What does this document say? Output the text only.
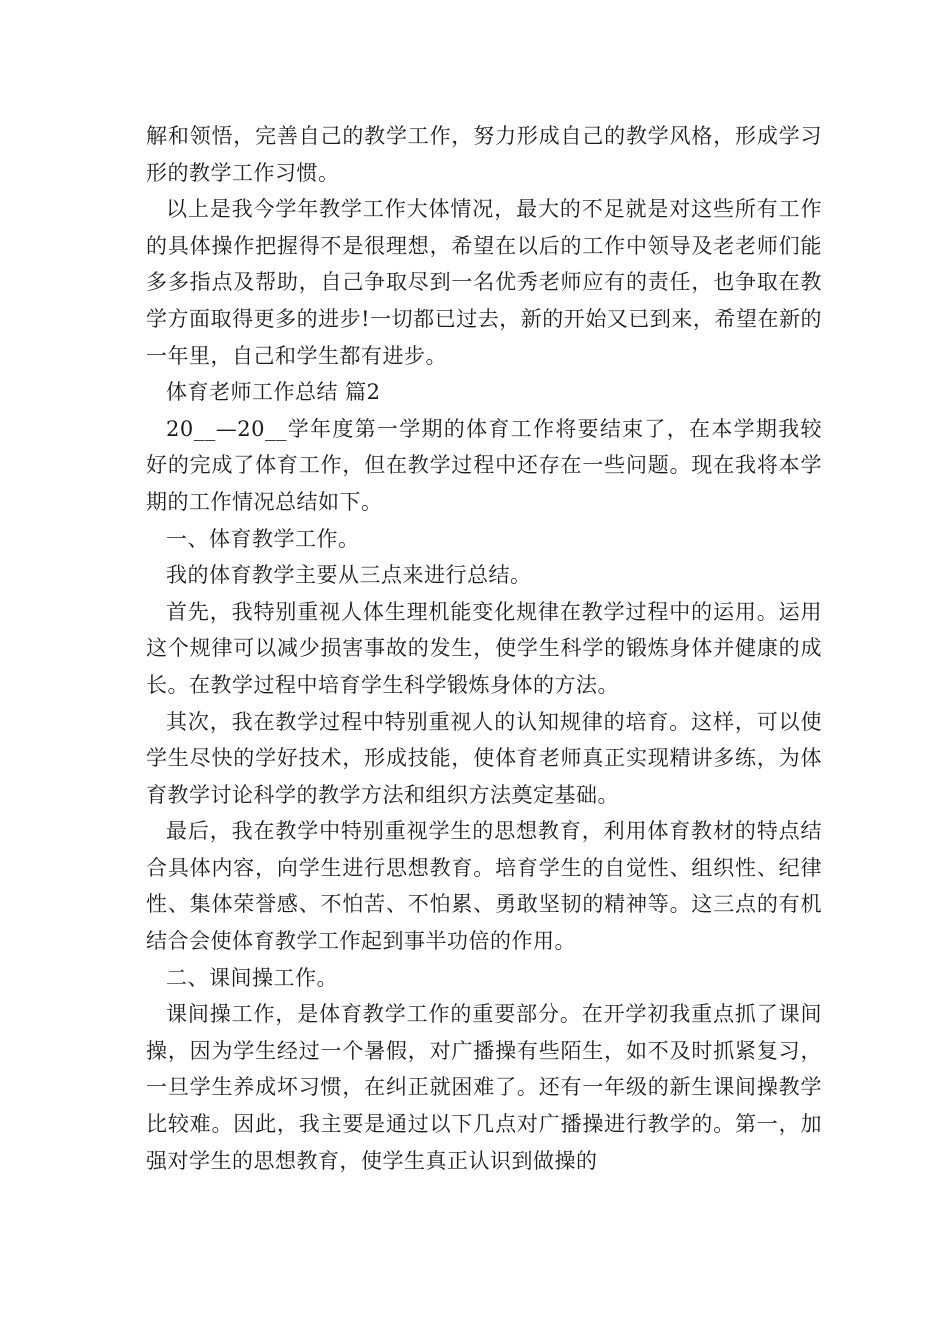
解和领悟，完善自己的教学工作，努力形成自己的教学风格，形成学习形的教学工作习惯。

以上是我今学年教学工作大体情况，最大的不足就是对这些所有工作的具体操作把握得不是很理想，希望在以后的工作中领导及老老师们能多多指点及帮助，自己争取尽到一名优秀老师应有的责任，也争取在教学方面取得更多的进步!一切都已过去，新的开始又已到来，希望在新的一年里，自己和学生都有进步。

体育老师工作总结 篇2

20__—20__学年度第一学期的体育工作将要结束了，在本学期我较好的完成了体育工作，但在教学过程中还存在一些问题。现在我将本学期的工作情况总结如下。

一、体育教学工作。

我的体育教学主要从三点来进行总结。

首先，我特别重视人体生理机能变化规律在教学过程中的运用。运用这个规律可以减少损害事故的发生，使学生科学的锻炼身体并健康的成长。在教学过程中培育学生科学锻炼身体的方法。

其次，我在教学过程中特别重视人的认知规律的培育。这样，可以使学生尽快的学好技术，形成技能，使体育老师真正实现精讲多练，为体育教学讨论科学的教学方法和组织方法奠定基础。

最后，我在教学中特别重视学生的思想教育，利用体育教材的特点结合具体内容，向学生进行思想教育。培育学生的自觉性、组织性、纪律性、集体荣誉感、不怕苦、不怕累、勇敢坚韧的精神等。这三点的有机结合会使体育教学工作起到事半功倍的作用。

二、课间操工作。

课间操工作，是体育教学工作的重要部分。在开学初我重点抓了课间操，因为学生经过一个暑假，对广播操有些陌生，如不及时抓紧复习，一旦学生养成坏习惯，在纠正就困难了。还有一年级的新生课间操教学比较难。因此，我主要是通过以下几点对广播操进行教学的。第一，加强对学生的思想教育，使学生真正认识到做操的
